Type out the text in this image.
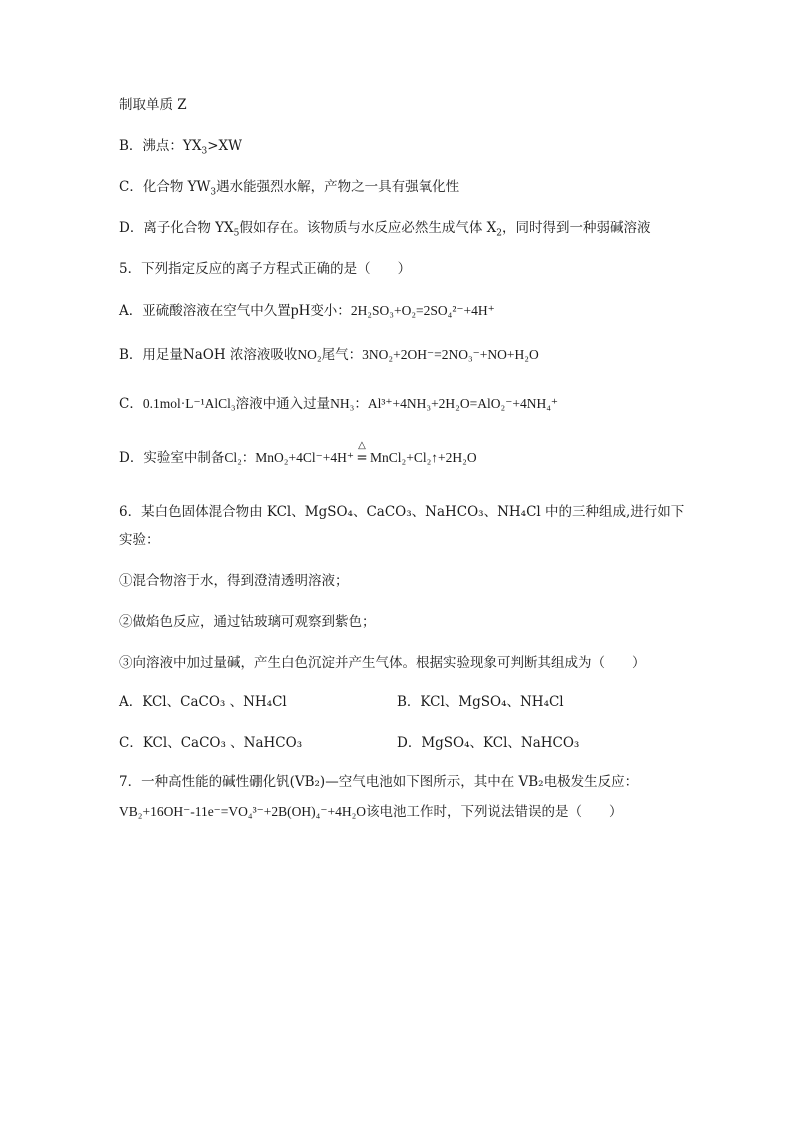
制取单质 Z
B．沸点：$YX_3>XW$
C．化合物 $YW_3$遇水能强烈水解，产物之一具有强氧化性
D．离子化合物 $YX_5$假如存在。该物质与水反应必然生成气体 $X_2$，同时得到一种弱碱溶液
5．下列指定反应的离子方程式正确的是（　　）
A．亚硫酸溶液在空气中久置pH变小：2H₂SO₃+O₂=2SO₄²⁻+4H⁺
B．用足量NaOH 浓溶液吸收NO₂尾气：3NO₂+2OH⁻=2NO₃⁻+NO+H₂O
C．0.1mol·L⁻¹AlCl₃溶液中通入过量NH₃：Al³⁺+4NH₃+2H₂O=AlO₂⁻+4NH₄⁺
D．实验室中制备Cl₂：MnO₂+4Cl⁻+4H⁺
△
= MnCl₂+Cl₂↑+2H₂O
6．某白色固体混合物由 KCl、MgSO₄、CaCO₃、NaHCO₃、NH₄Cl 中的三种组成,进行如下
实验：
①混合物溶于水，得到澄清透明溶液；
②做焰色反应，通过钴玻璃可观察到紫色；
③向溶液中加过量碱，产生白色沉淀并产生气体。根据实验现象可判断其组成为（　　）
A．KCl、CaCO₃ 、NH₄Cl	B．KCl、MgSO₄、NH₄Cl
C．KCl、CaCO₃ 、NaHCO₃	D．MgSO₄、KCl、NaHCO₃
7．一种高性能的碱性硼化钒(VB₂)—空气电池如下图所示，其中在 VB₂电极发生反应：
VB₂+16OH⁻-11e⁻=VO₄³⁻+2B(OH)₄⁻+4H₂O该电池工作时，下列说法错误的是（　　）
